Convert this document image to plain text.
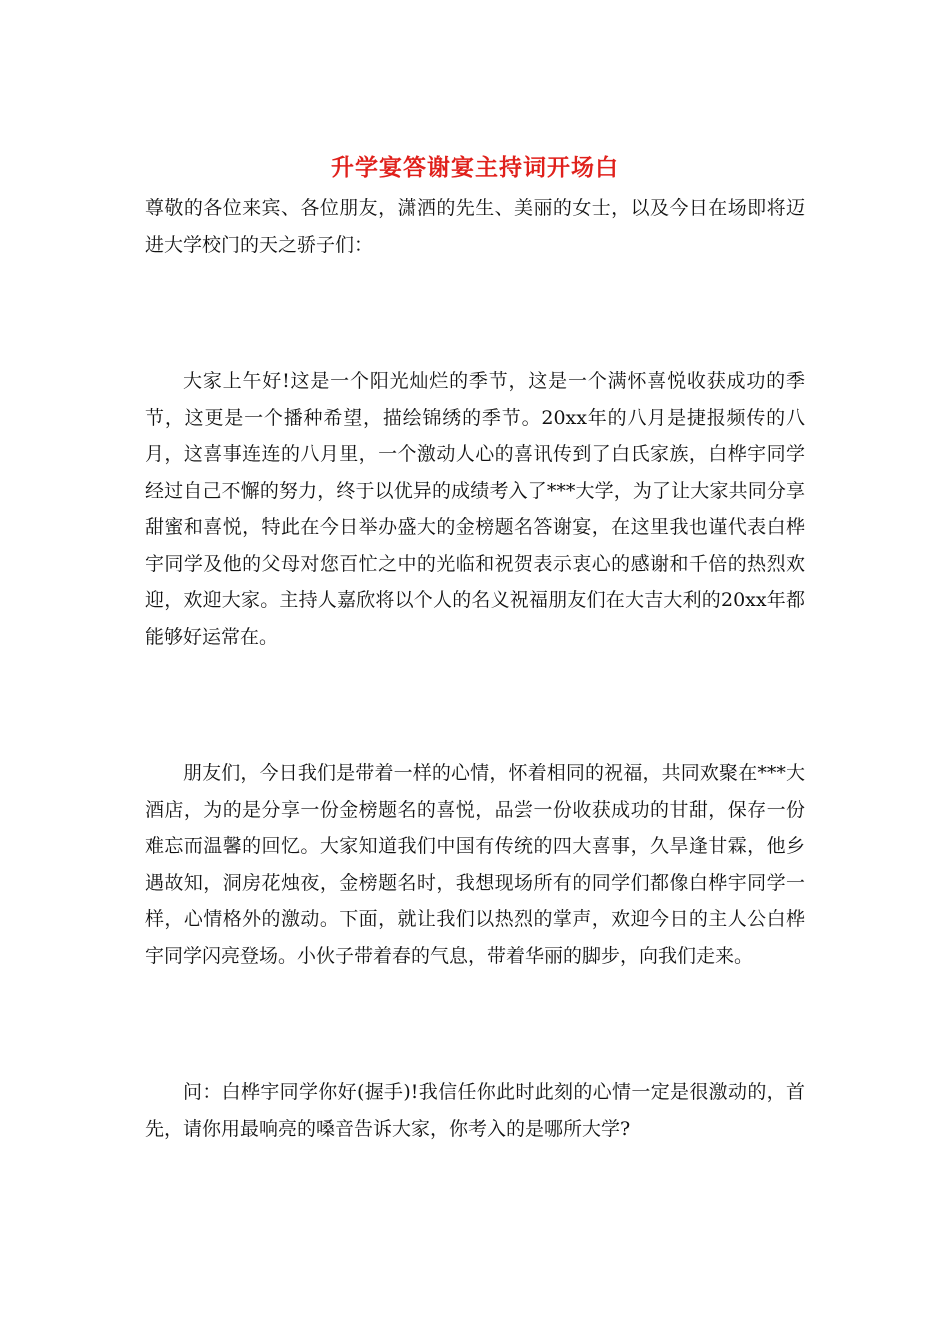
升学宴答谢宴主持词开场白

尊敬的各位来宾、各位朋友，潇洒的先生、美丽的女士，以及今日在场即将迈进大学校门的天之骄子们：

大家上午好!这是一个阳光灿烂的季节，这是一个满怀喜悦收获成功的季节，这更是一个播种希望，描绘锦绣的季节。20xx年的八月是捷报频传的八月，这喜事连连的八月里，一个激动人心的喜讯传到了白氏家族，白桦宇同学经过自己不懈的努力，终于以优异的成绩考入了***大学，为了让大家共同分享甜蜜和喜悦，特此在今日举办盛大的金榜题名答谢宴，在这里我也谨代表白桦宇同学及他的父母对您百忙之中的光临和祝贺表示衷心的感谢和千倍的热烈欢迎，欢迎大家。主持人嘉欣将以个人的名义祝福朋友们在大吉大利的20xx年都能够好运常在。

朋友们，今日我们是带着一样的心情，怀着相同的祝福，共同欢聚在***大酒店，为的是分享一份金榜题名的喜悦，品尝一份收获成功的甘甜，保存一份难忘而温馨的回忆。大家知道我们中国有传统的四大喜事，久旱逢甘霖，他乡遇故知，洞房花烛夜，金榜题名时，我想现场所有的同学们都像白桦宇同学一样，心情格外的激动。下面，就让我们以热烈的掌声，欢迎今日的主人公白桦宇同学闪亮登场。小伙子带着春的气息，带着华丽的脚步，向我们走来。

问：白桦宇同学你好(握手)!我信任你此时此刻的心情一定是很激动的，首先，请你用最响亮的嗓音告诉大家，你考入的是哪所大学?
